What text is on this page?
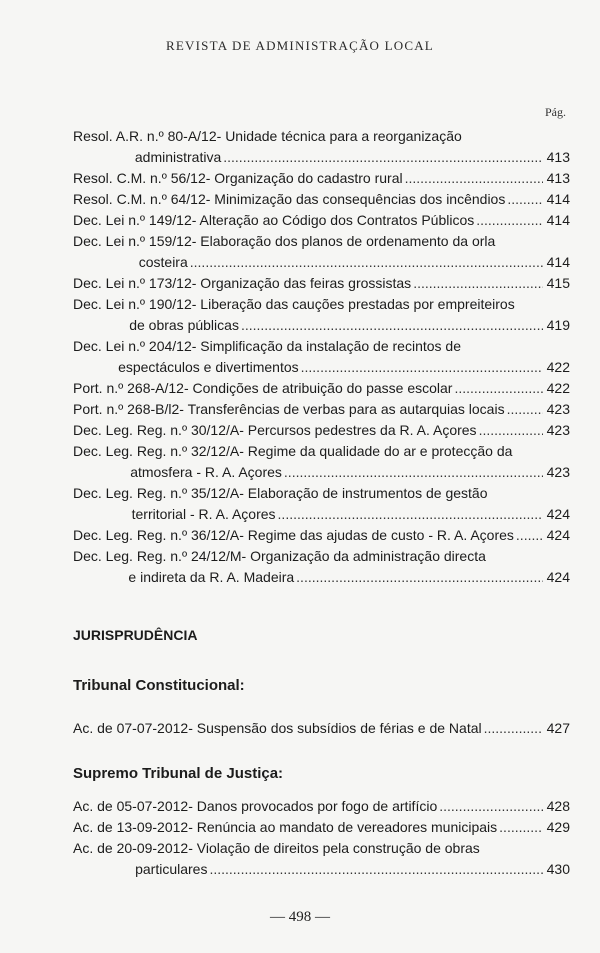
REVISTA DE ADMINISTRAÇÃO LOCAL
Pág.
Resol. A.R. n.º 80-A/12 - Unidade técnica para a reorganização
administrativa .....	413
Resol. C.M. n.º 56/12 - Organização do cadastro rural .....	413
Resol. C.M. n.º 64/12 - Minimização das consequências dos incêndios .....	414
Dec. Lei n.º 149/12 - Alteração ao Código dos Contratos Públicos .....	414
Dec. Lei n.º 159/12 - Elaboração dos planos de ordenamento da orla
costeira .....	414
Dec. Lei n.º 173/12 - Organização das feiras grossistas .....	415
Dec. Lei n.º 190/12 - Liberação das cauções prestadas por empreiteiros
de obras públicas .....	419
Dec. Lei n.º 204/12 - Simplificação da instalação de recintos de
espectáculos e divertimentos .....	422
Port. n.º 268-A/12 - Condições de atribuição do passe escolar .....	422
Port. n.º 268-B/l2 - Transferências de verbas para as autarquias locais .....	423
Dec. Leg. Reg. n.º 30/12/A - Percursos pedestres da R. A. Açores .....	423
Dec. Leg. Reg. n.º 32/12/A - Regime da qualidade do ar e protecção da
atmosfera - R. A. Açores .....	423
Dec. Leg. Reg. n.º 35/12/A - Elaboração de instrumentos de gestão
territorial - R. A. Açores .....	424
Dec. Leg. Reg. n.º 36/12/A - Regime das ajudas de custo - R. A. Açores ..... 424
Dec. Leg. Reg. n.º 24/12/M - Organização da administração directa
e indireta da R. A. Madeira .....	424
JURISPRUDÊNCIA
Tribunal Constitucional:
Ac. de 07-07-2012 - Suspensão dos subsídios de férias e de Natal .....	427
Supremo Tribunal de Justiça:
Ac. de 05-07-2012 - Danos provocados por fogo de artifício .....	428
Ac. de 13-09-2012 - Renúncia ao mandato de vereadores municipais .....	429
Ac. de 20-09-2012 - Violação de direitos pela construção de obras
particulares .....	430
— 498 —
